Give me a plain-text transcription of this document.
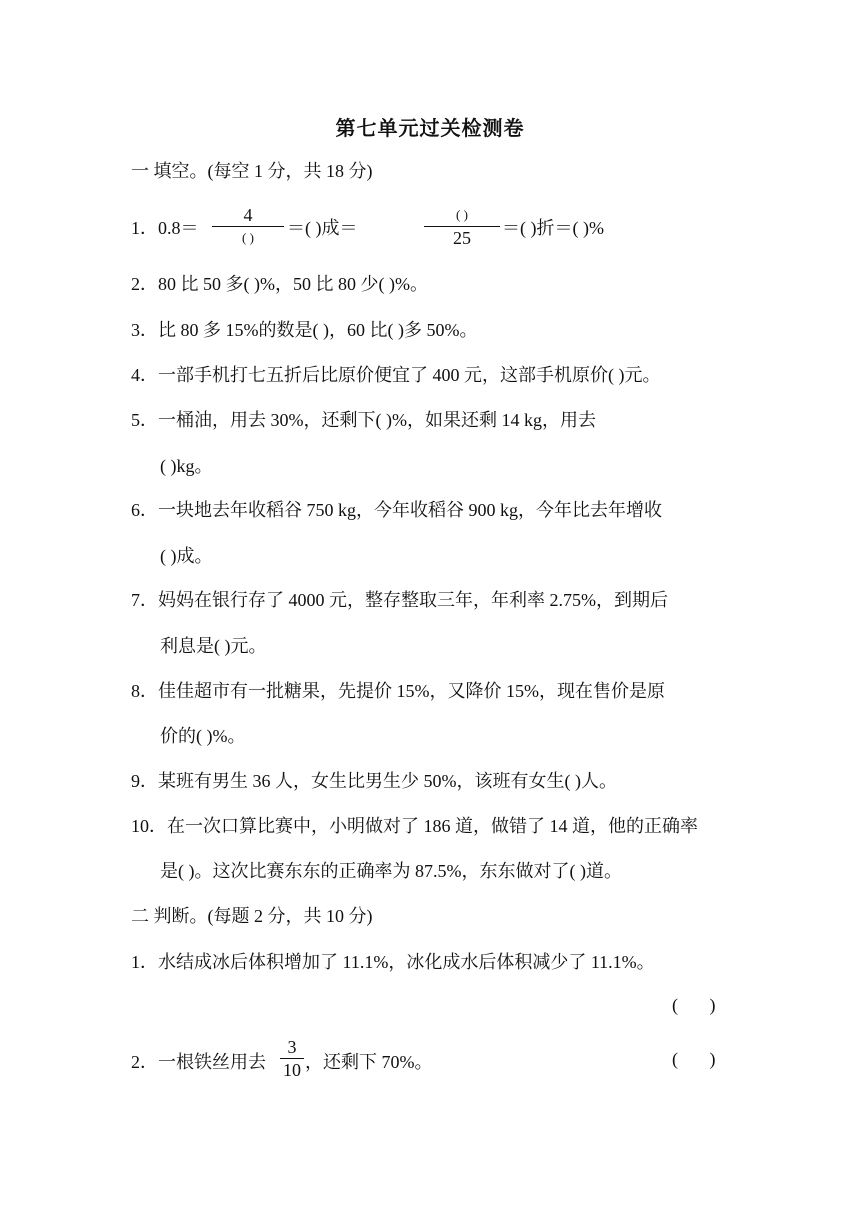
第七单元过关检测卷
一 填空。(每空 1 分，共 18 分)
1．0.8＝
4
( )	＝( )成＝
( )
25	＝( )折＝( )%
2．80 比 50 多( )%，50 比 80 少( )%。
3．比 80 多 15%的数是( )，60 比( )多 50%。
4．一部手机打七五折后比原价便宜了 400 元，这部手机原价( )元。
5．一桶油，用去 30%，还剩下( )%，如果还剩 14 kg，用去
( )kg。
6．一块地去年收稻谷 750 kg，今年收稻谷 900 kg，今年比去年增收
( )成。
7．妈妈在银行存了 4000 元，整存整取三年，年利率 2.75%，到期后
利息是( )元。
8．佳佳超市有一批糖果，先提价 15%，又降价 15%，现在售价是原
价的( )%。
9．某班有男生 36 人，女生比男生少 50%，该班有女生( )人。
10．在一次口算比赛中，小明做对了 186 道，做错了 14 道，他的正确率
是( )。这次比赛东东的正确率为 87.5%，东东做对了( )道。
二 判断。(每题 2 分，共 10 分)
1．水结成冰后体积增加了 11.1%，冰化成水后体积减少了 11.1%。
(       )
2．一根铁丝用去
3
10 ，还剩下 70%。	(       )
